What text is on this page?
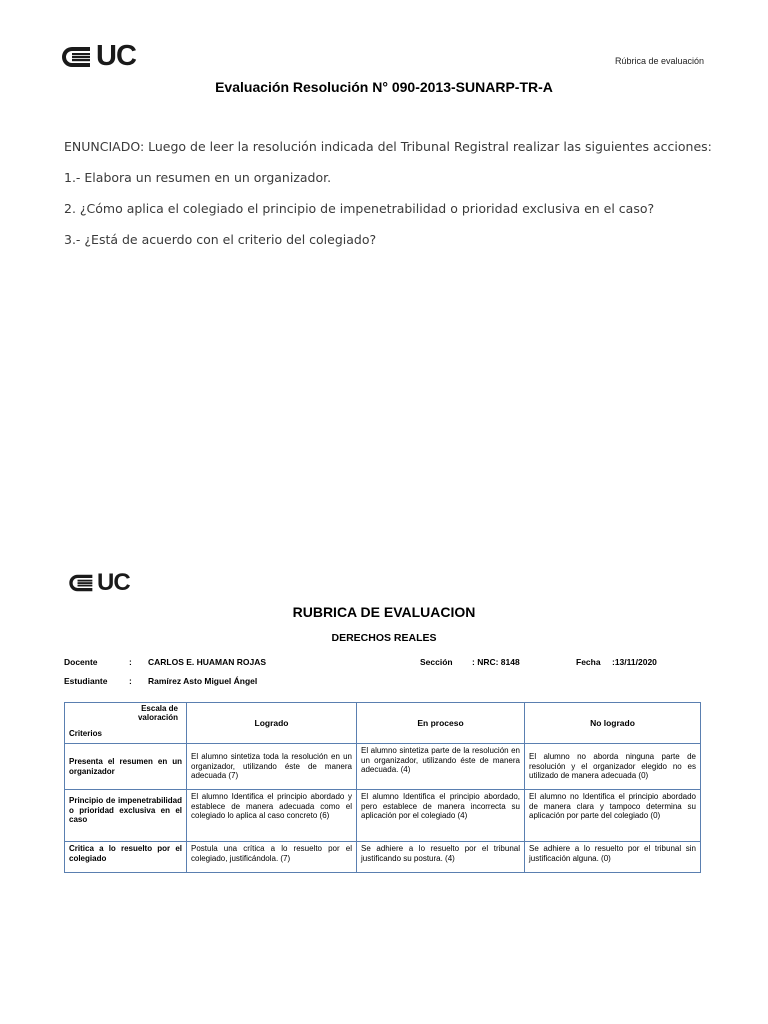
UC	Rúbrica de evaluación
Evaluación Resolución N° 090-2013-SUNARP-TR-A
ENUNCIADO: Luego de leer la resolución indicada del Tribunal Registral realizar las siguientes acciones:
1.- Elabora un resumen en un organizador.
2. ¿Cómo aplica el colegiado el principio de impenetrabilidad o prioridad exclusiva en el caso?
3.- ¿Está de acuerdo con el criterio del colegiado?
UC
RUBRICA DE EVALUACION
DERECHOS REALES
Docente	: CARLOS E. HUAMAN ROJAS	Sección : NRC: 8148	Fecha :13/11/2020
Estudiante	: Ramírez Asto Miguel Ángel
Escala de
valoración
Criterios	Logrado	En proceso	No logrado
Presenta el resumen en un organizador	El alumno sintetiza toda la resolución en un organizador, utilizando éste de manera adecuada (7)	El alumno sintetiza parte de la resolución en un organizador, utilizando éste de manera adecuada. (4)	El alumno no aborda ninguna parte de resolución y el organizador elegido no es utilizado de manera adecuada (0)
Principio de impenetrabilidad o prioridad exclusiva en el caso	El alumno Identifica el principio abordado y establece de manera adecuada como el colegiado lo aplica al caso concreto (6)	El alumno Identifica el principio abordado, pero establece de manera incorrecta su aplicación por el colegiado (4)	El alumno no Identifica el principio abordado de manera clara y tampoco determina su aplicación por parte del colegiado (0)
Critica a lo resuelto por el colegiado	Postula una crítica a lo resuelto por el colegiado, justificándola. (7)	Se adhiere a lo resuelto por el tribunal justificando su postura. (4)	Se adhiere a lo resuelto por el tribunal sin justificación alguna. (0)
